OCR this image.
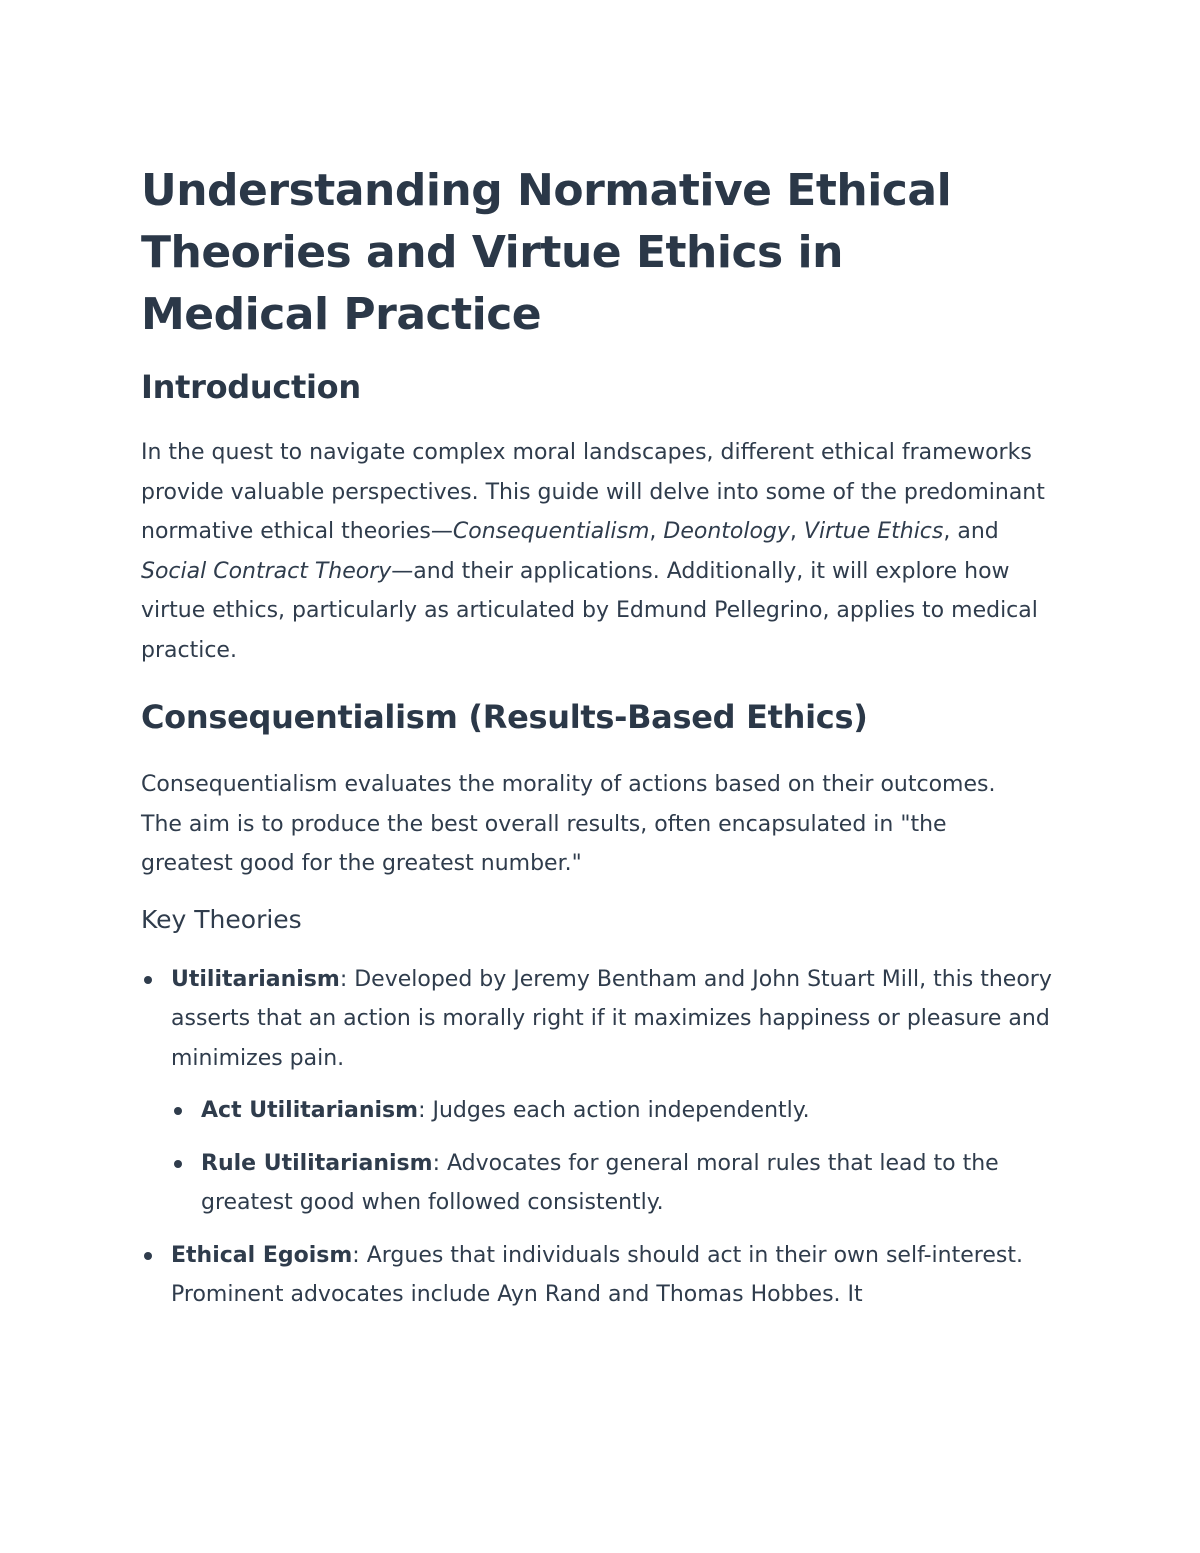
Understanding Normative Ethical Theories and Virtue Ethics in Medical Practice
Introduction

In the quest to navigate complex moral landscapes, different ethical frameworks provide valuable perspectives. This guide will delve into some of the predominant normative ethical theories—Consequentialism, Deontology, Virtue Ethics, and Social Contract Theory—and their applications. Additionally, it will explore how virtue ethics, particularly as articulated by Edmund Pellegrino, applies to medical practice.

Consequentialism (Results-Based Ethics)

Consequentialism evaluates the morality of actions based on their outcomes. The aim is to produce the best overall results, often encapsulated in "the greatest good for the greatest number."

Key Theories
Utilitarianism: Developed by Jeremy Bentham and John Stuart Mill, this theory asserts that an action is morally right if it maximizes happiness or pleasure and minimizes pain.
Act Utilitarianism: Judges each action independently.
Rule Utilitarianism: Advocates for general moral rules that lead to the greatest good when followed consistently.
Ethical Egoism: Argues that individuals should act in their own self-interest. Prominent advocates include Ayn Rand and Thomas Hobbes. It
